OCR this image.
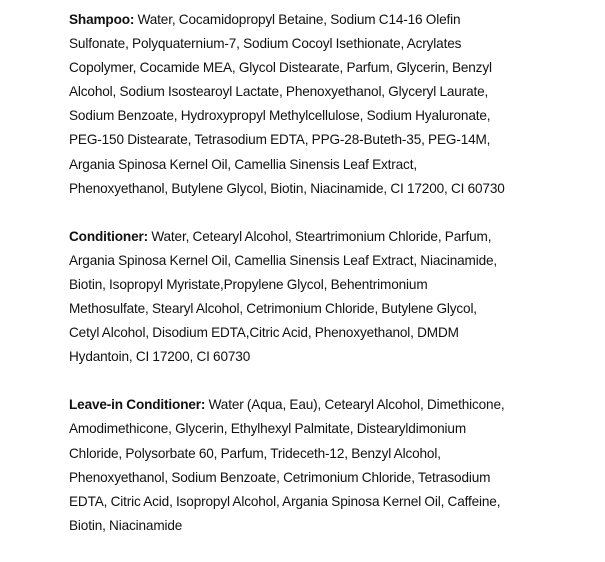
Shampoo: Water, Cocamidopropyl Betaine, Sodium C14-16 Olefin
Sulfonate, Polyquaternium-7, Sodium Cocoyl Isethionate, Acrylates
Copolymer, Cocamide MEA, Glycol Distearate, Parfum, Glycerin, Benzyl
Alcohol, Sodium Isostearoyl Lactate, Phenoxyethanol, Glyceryl Laurate,
Sodium Benzoate, Hydroxypropyl Methylcellulose, Sodium Hyaluronate,
PEG-150 Distearate, Tetrasodium EDTA, PPG-28-Buteth-35, PEG-14M,
Argania Spinosa Kernel Oil, Camellia Sinensis Leaf Extract,
Phenoxyethanol, Butylene Glycol, Biotin, Niacinamide, CI 17200, CI 60730
Conditioner: Water, Cetearyl Alcohol, Steartrimonium Chloride, Parfum,
Argania Spinosa Kernel Oil, Camellia Sinensis Leaf Extract, Niacinamide,
Biotin, Isopropyl Myristate,Propylene Glycol, Behentrimonium
Methosulfate, Stearyl Alcohol, Cetrimonium Chloride, Butylene Glycol,
Cetyl Alcohol, Disodium EDTA,Citric Acid, Phenoxyethanol, DMDM
Hydantoin, CI 17200, CI 60730
Leave-in Conditioner: Water (Aqua, Eau), Cetearyl Alcohol, Dimethicone,
Amodimethicone, Glycerin, Ethylhexyl Palmitate, Distearyldimonium
Chloride, Polysorbate 60, Parfum, Trideceth-12, Benzyl Alcohol,
Phenoxyethanol, Sodium Benzoate, Cetrimonium Chloride, Tetrasodium
EDTA, Citric Acid, Isopropyl Alcohol, Argania Spinosa Kernel Oil, Caffeine,
Biotin, Niacinamide
